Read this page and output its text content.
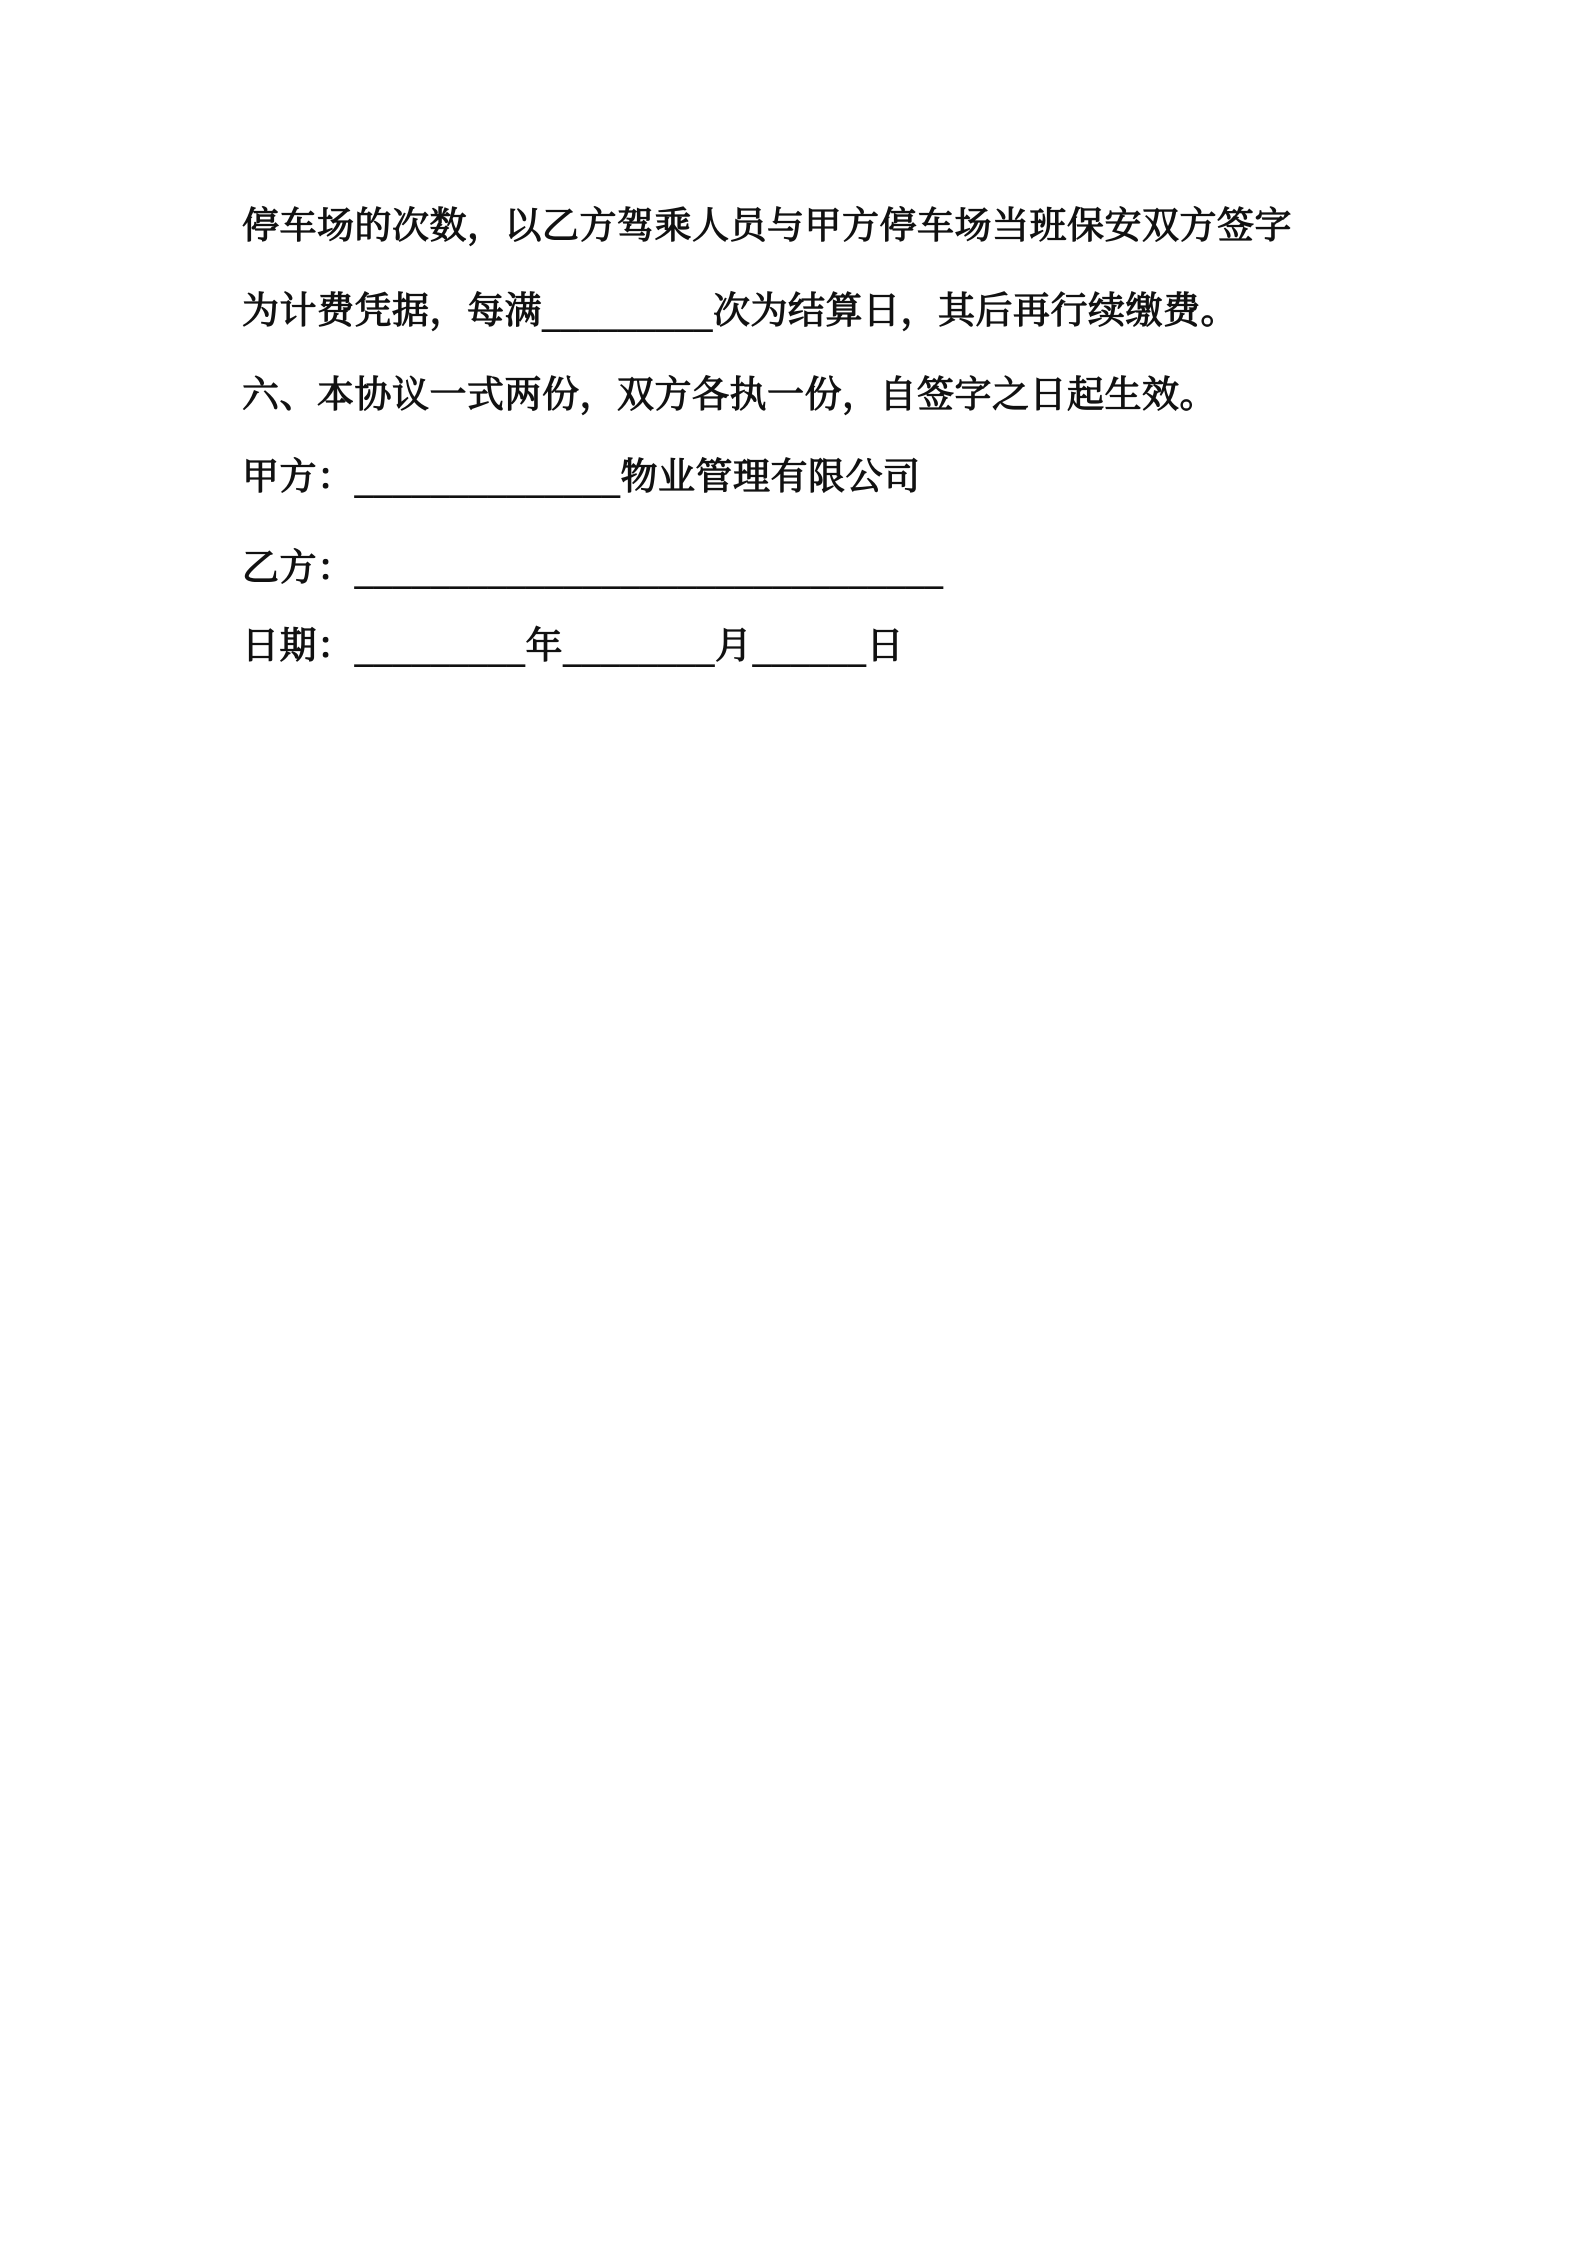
停车场的次数，以乙方驾乘人员与甲方停车场当班保安双方签字
为计费凭据，每满_________次为结算日，其后再行续缴费。
六、本协议一式两份，双方各执一份，自签字之日起生效。
甲方：______________物业管理有限公司
乙方：_______________________________
日期：_________年________月______日
